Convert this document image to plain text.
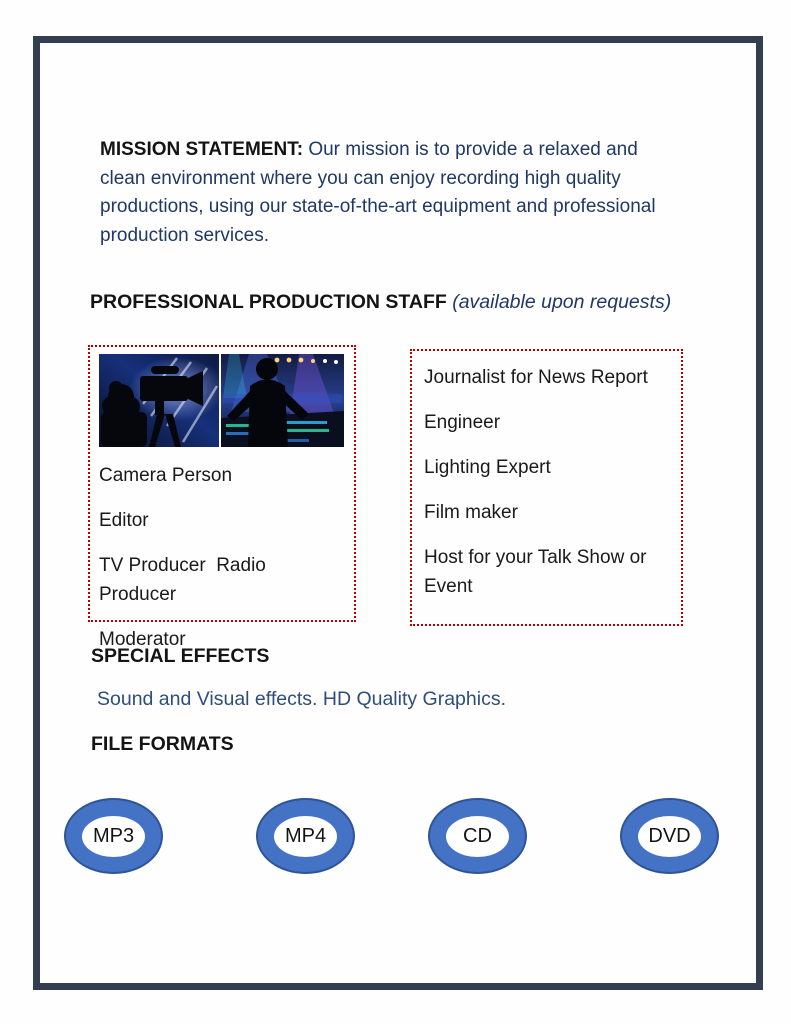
MISSION STATEMENT: Our mission is to provide a relaxed and clean environment where you can enjoy recording high quality productions, using our state-of-the-art equipment and professional production services.

PROFESSIONAL PRODUCTION STAFF (available upon requests)
Camera Person
Editor
TV Producer  Radio Producer
Moderator
Journalist for News Report
Engineer
Lighting Expert
Film maker
Host for your Talk Show or Event
SPECIAL EFFECTS
Sound and Visual effects. HD Quality Graphics.
FILE FORMATS
MP3	MP4	CD	DVD
